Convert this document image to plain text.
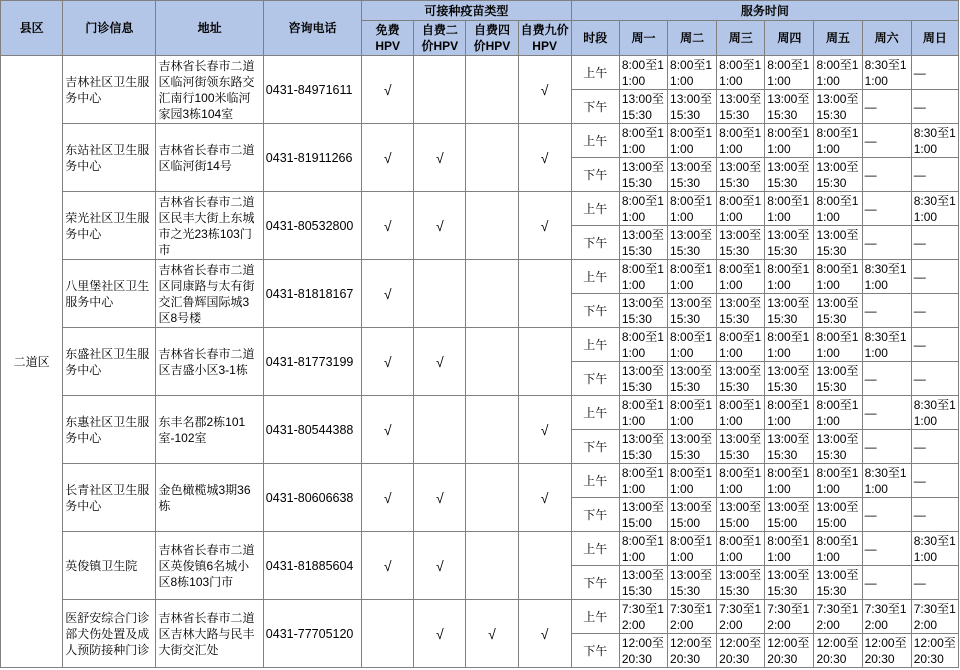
县区	门诊信息	地址	咨询电话	可接种疫苗类型				服务时间							
				免费HPV	自费二价HPV	自费四价HPV	自费九价HPV	时段	周一	周二	周三	周四	周五	周六	周日
二道区	吉林社区卫生服务中心	吉林省长春市二道区临河街领东路交汇南行100米临河家园3栋104室	0431-84971611	√			√	上午	8:00至11:00	8:00至11:00	8:00至11:00	8:00至11:00	8:00至11:00	8:30至11:00	—
								下午	13:00至15:30	13:00至15:30	13:00至15:30	13:00至15:30	13:00至15:30	—	—
	东站社区卫生服务中心	吉林省长春市二道区临河街14号	0431-81911266	√	√		√	上午	8:00至11:00	8:00至11:00	8:00至11:00	8:00至11:00	8:00至11:00	—	8:30至11:00
								下午	13:00至15:30	13:00至15:30	13:00至15:30	13:00至15:30	13:00至15:30	—	—
	荣光社区卫生服务中心	吉林省长春市二道区民丰大街上东城市之光23栋103门市	0431-80532800	√	√		√	上午	8:00至11:00	8:00至11:00	8:00至11:00	8:00至11:00	8:00至11:00	—	8:30至11:00
								下午	13:00至15:30	13:00至15:30	13:00至15:30	13:00至15:30	13:00至15:30	—	—
	八里堡社区卫生服务中心	吉林省长春市二道区同康路与太有街交汇鲁辉国际城3区8号楼	0431-81818167	√				上午	8:00至11:00	8:00至11:00	8:00至11:00	8:00至11:00	8:00至11:00	8:30至11:00	—
								下午	13:00至15:30	13:00至15:30	13:00至15:30	13:00至15:30	13:00至15:30	—	—
	东盛社区卫生服务中心	吉林省长春市二道区吉盛小区3-1栋	0431-81773199	√	√			上午	8:00至11:00	8:00至11:00	8:00至11:00	8:00至11:00	8:00至11:00	8:30至11:00	—
								下午	13:00至15:30	13:00至15:30	13:00至15:30	13:00至15:30	13:00至15:30	—	—
	东惠社区卫生服务中心	东丰名郡2栋101室-102室	0431-80544388	√			√	上午	8:00至11:00	8:00至11:00	8:00至11:00	8:00至11:00	8:00至11:00	—	8:30至11:00
								下午	13:00至15:30	13:00至15:30	13:00至15:30	13:00至15:30	13:00至15:30	—	—
	长青社区卫生服务中心	金色橄榄城3期36栋	0431-80606638	√	√		√	上午	8:00至11:00	8:00至11:00	8:00至11:00	8:00至11:00	8:00至11:00	8:30至11:00	—
								下午	13:00至15:00	13:00至15:00	13:00至15:00	13:00至15:00	13:00至15:00	—	—
	英俊镇卫生院	吉林省长春市二道区英俊镇6名城小区8栋103门市	0431-81885604	√	√			上午	8:00至11:00	8:00至11:00	8:00至11:00	8:00至11:00	8:00至11:00	—	8:30至11:00
								下午	13:00至15:30	13:00至15:30	13:00至15:30	13:00至15:30	13:00至15:30	—	—
	医舒安综合门诊部犬伤处置及成人预防接种门诊	吉林省长春市二道区吉林大路与民丰大街交汇处	0431-77705120		√	√	√	上午	7:30至12:00	7:30至12:00	7:30至12:00	7:30至12:00	7:30至12:00	7:30至12:00	7:30至12:00
								下午	12:00至20:30	12:00至20:30	12:00至20:30	12:00至20:30	12:00至20:30	12:00至20:30	12:00至20:30
